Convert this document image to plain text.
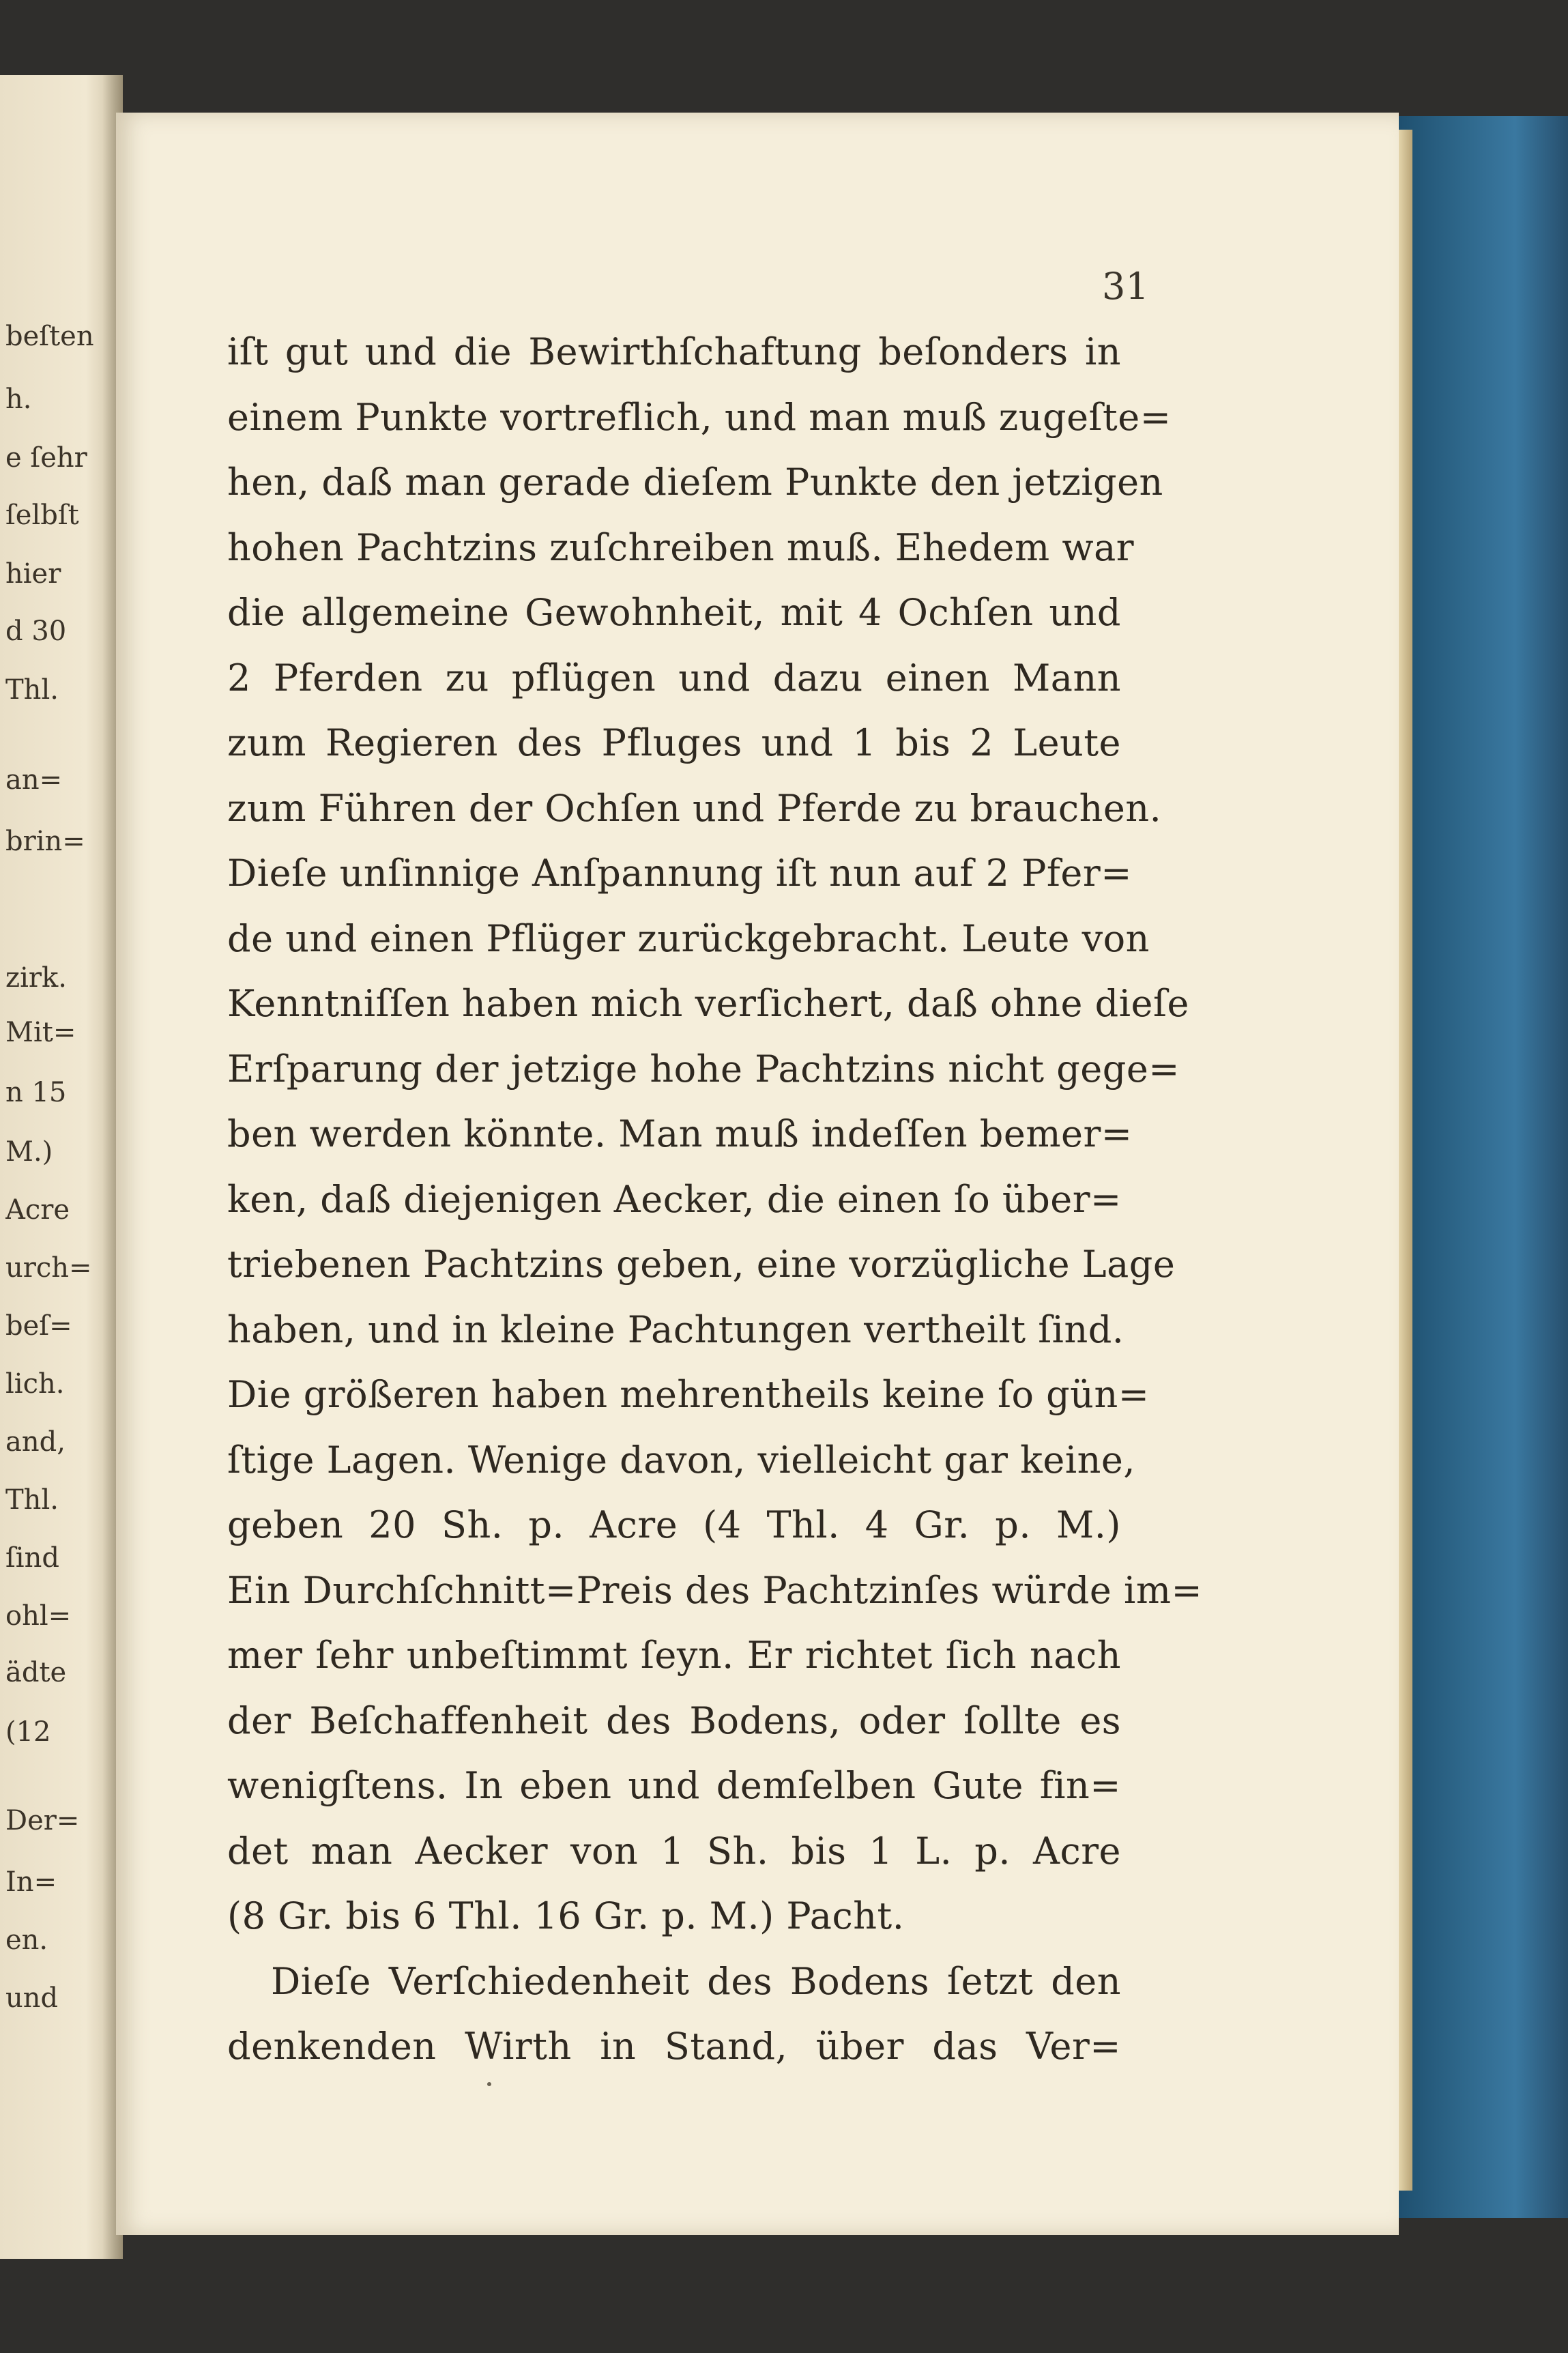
beſten
h.
e ſehr
ſelbſt
hier
d 30
Thl.
an=
brin=
zirk.
Mit=
n 15
M.)
Acre
urch=
beſ=
lich.
and,
Thl.
ſind
ohl=
ädte
(12
Der=
In=
en.
und
31
iſt gut und die Bewirthſchaftung beſonders in
einem Punkte vortreflich, und man muß zugeſte=
hen, daß man gerade dieſem Punkte den jetzigen
hohen Pachtzins zuſchreiben muß. Ehedem war
die allgemeine Gewohnheit, mit 4 Ochſen und
2 Pferden zu pflügen und dazu einen Mann
zum Regieren des Pfluges und 1 bis 2 Leute
zum Führen der Ochſen und Pferde zu brauchen.
Dieſe unſinnige Anſpannung iſt nun auf 2 Pfer=
de und einen Pflüger zurückgebracht. Leute von
Kenntniſſen haben mich verſichert, daß ohne dieſe
Erſparung der jetzige hohe Pachtzins nicht gege=
ben werden könnte. Man muß indeſſen bemer=
ken, daß diejenigen Aecker, die einen ſo über=
triebenen Pachtzins geben, eine vorzügliche Lage
haben, und in kleine Pachtungen vertheilt ſind.
Die größeren haben mehrentheils keine ſo gün=
ſtige Lagen. Wenige davon, vielleicht gar keine,
geben 20 Sh. p. Acre (4 Thl. 4 Gr. p. M.)
Ein Durchſchnitt=Preis des Pachtzinſes würde im=
mer ſehr unbeſtimmt ſeyn. Er richtet ſich nach
der Beſchaffenheit des Bodens, oder ſollte es
wenigſtens. In eben und demſelben Gute fin=
det man Aecker von 1 Sh. bis 1 L. p. Acre
(8 Gr. bis 6 Thl. 16 Gr. p. M.) Pacht.
Dieſe Verſchiedenheit des Bodens ſetzt den
denkenden Wirth in Stand, über das Ver=
